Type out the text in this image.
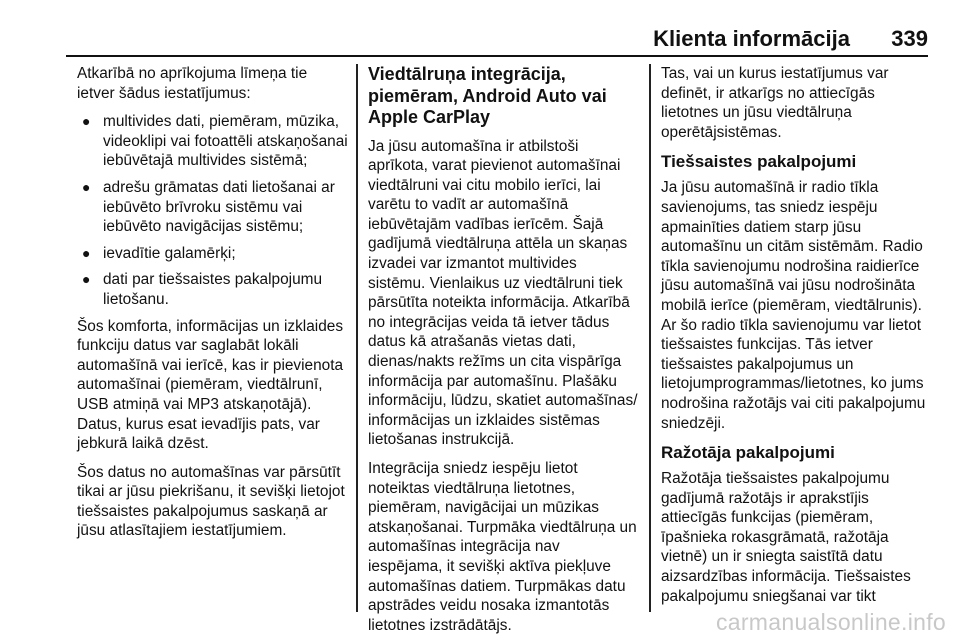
Klienta informācija 339

Atkarībā no aprīkojuma līmeņa tie ietver šādus iestatījumus:

● multivides dati, piemēram, mūzika, videoklipi vai fotoattēli atskaņošanai iebūvētajā multivides sistēmā;
● adrešu grāmatas dati lietošanai ar iebūvēto brīvroku sistēmu vai iebūvēto navigācijas sistēmu;
● ievadītie galamērķi;
● dati par tiešsaistes pakalpojumu lietošanu.

Šos komforta, informācijas un izklaides funkciju datus var saglabāt lokāli automašīnā vai ierīcē, kas ir pievienota automašīnai (piemēram, viedtālrunī, USB atmiņā vai MP3 atskaņotājā). Datus, kurus esat ievadījis pats, var jebkurā laikā dzēst.

Šos datus no automašīnas var pārsūtīt tikai ar jūsu piekrišanu, it sevišķi lietojot tiešsaistes pakalpojumus saskaņā ar jūsu atlasītajiem iestatījumiem.

Viedtālruņa integrācija, piemēram, Android Auto vai Apple CarPlay

Ja jūsu automašīna ir atbilstoši aprīkota, varat pievienot automašīnai viedtālruni vai citu mobilo ierīci, lai varētu to vadīt ar automašīnā iebūvētajām vadības ierīcēm. Šajā gadījumā viedtālruņa attēla un skaņas izvadei var izmantot multivides sistēmu. Vienlaikus uz viedtālruni tiek pārsūtīta noteikta informācija. Atkarībā no integrācijas veida tā ietver tādus datus kā atrašanās vietas dati, dienas/nakts režīms un cita vispārīga informācija par automašīnu. Plašāku informāciju, lūdzu, skatiet automašīnas/ informācijas un izklaides sistēmas lietošanas instrukcijā.

Integrācija sniedz iespēju lietot noteiktas viedtālruņa lietotnes, piemēram, navigācijai un mūzikas atskaņošanai. Turpmāka viedtālruņa un automašīnas integrācija nav iespējama, it sevišķi aktīva piekļuve automašīnas datiem. Turpmākas datu apstrādes veidu nosaka izmantotās lietotnes izstrādātājs.

Tas, vai un kurus iestatījumus var definēt, ir atkarīgs no attiecīgās lietotnes un jūsu viedtālruņa operētājsistēmas.

Tiešsaistes pakalpojumi

Ja jūsu automašīnā ir radio tīkla savienojums, tas sniedz iespēju apmainīties datiem starp jūsu automašīnu un citām sistēmām. Radio tīkla savienojumu nodrošina raidierīce jūsu automašīnā vai jūsu nodrošināta mobilā ierīce (piemēram, viedtālrunis). Ar šo radio tīkla savienojumu var lietot tiešsaistes funkcijas. Tās ietver tiešsaistes pakalpojumus un lietojumprogrammas/lietotnes, ko jums nodrošina ražotājs vai citi pakalpojumu sniedzēji.

Ražotāja pakalpojumi

Ražotāja tiešsaistes pakalpojumu gadījumā ražotājs ir aprakstījis attiecīgās funkcijas (piemēram, īpašnieka rokasgrāmatā, ražotāja vietnē) un ir sniegta saistītā datu aizsardzības informācija. Tiešsaistes pakalpojumu sniegšanai var tikt

carmanualsonline.info
